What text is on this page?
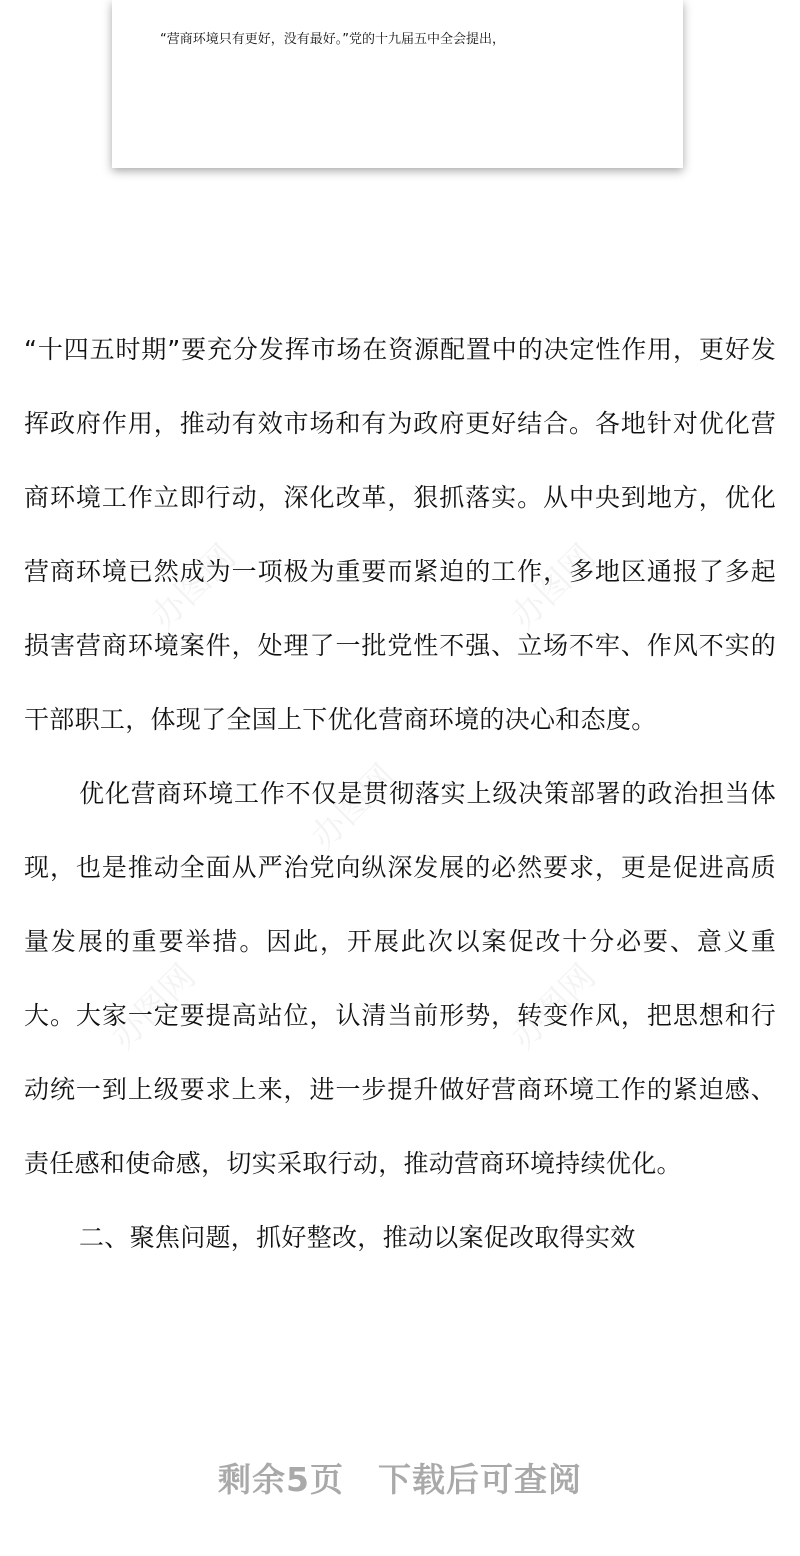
“营商环境只有更好，没有最好。”党的十九届五中全会提出，
办图网	办图网
办图网
办图网	办图网

“十四五时期”要充分发挥市场在资源配置中的决定性作用，更好发挥政府作用，推动有效市场和有为政府更好结合。各地针对优化营商环境工作立即行动，深化改革，狠抓落实。从中央到地方，优化营商环境已然成为一项极为重要而紧迫的工作，多地区通报了多起损害营商环境案件，处理了一批党性不强、立场不牢、作风不实的干部职工，体现了全国上下优化营商环境的决心和态度。

优化营商环境工作不仅是贯彻落实上级决策部署的政治担当体现，也是推动全面从严治党向纵深发展的必然要求，更是促进高质量发展的重要举措。因此，开展此次以案促改十分必要、意义重大。大家一定要提高站位，认清当前形势，转变作风，把思想和行动统一到上级要求上来，进一步提升做好营商环境工作的紧迫感、责任感和使命感，切实采取行动，推动营商环境持续优化。

二、聚焦问题，抓好整改，推动以案促改取得实效

剩余5页 下载后可查阅
